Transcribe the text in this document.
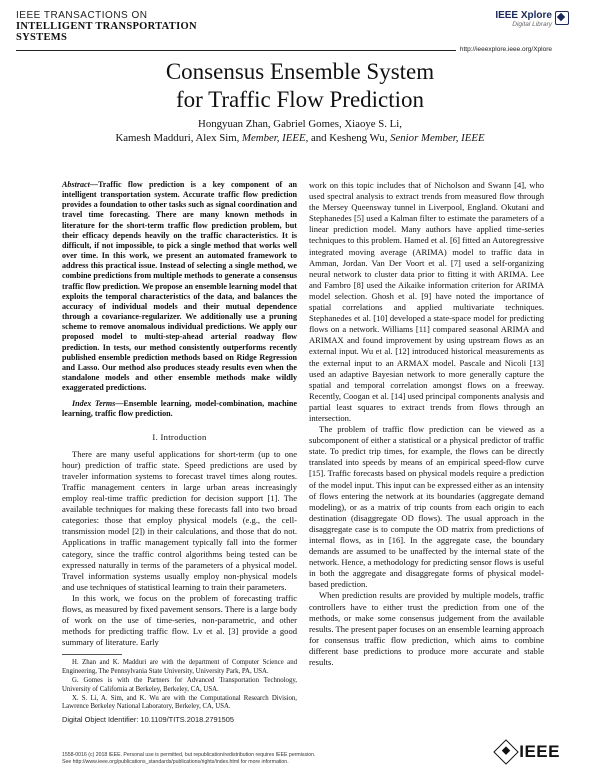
IEEE TRANSACTIONS ON
INTELLIGENT TRANSPORTATION
SYSTEMS
IEEE Xplore
Digital Library
http://ieeexplore.ieee.org/Xplore
Consensus Ensemble System
for Traffic Flow Prediction
Hongyuan Zhan, Gabriel Gomes, Xiaoye S. Li,
Kamesh Madduri, Alex Sim, Member, IEEE, and Kesheng Wu, Senior Member, IEEE

Abstract—Traffic flow prediction is a key component of an intelligent transportation system. Accurate traffic flow prediction provides a foundation to other tasks such as signal coordination and travel time forecasting. There are many known methods in literature for the short-term traffic flow prediction problem, but their efficacy depends heavily on the traffic characteristics. It is difficult, if not impossible, to pick a single method that works well over time. In this work, we present an automated framework to address this practical issue. Instead of selecting a single method, we combine predictions from multiple methods to generate a consensus traffic flow prediction. We propose an ensemble learning model that exploits the temporal characteristics of the data, and balances the accuracy of individual models and their mutual dependence through a covariance-regularizer. We additionally use a pruning scheme to remove anomalous individual predictions. We apply our proposed model to multi-step-ahead arterial roadway flow prediction. In tests, our method consistently outperforms recently published ensemble prediction methods based on Ridge Regression and Lasso. Our method also produces steady results even when the standalone models and other ensemble methods make wildly exaggerated predictions.

Index Terms—Ensemble learning, model-combination, machine learning, traffic flow prediction.

I. Introduction

There are many useful applications for short-term (up to one hour) prediction of traffic state. Speed predictions are used by traveler information systems to forecast travel times along routes. Traffic management centers in large urban areas increasingly employ real-time traffic prediction for decision support [1]. The available techniques for making these forecasts fall into two broad categories: those that employ physical models (e.g., the cell-transmission model [2]) in their calculations, and those that do not. Applications in traffic management typically fall into the former category, since the traffic control algorithms being tested can be expressed naturally in terms of the parameters of a physical model. Travel information systems usually employ non-physical models and use techniques of statistical learning to train their parameters.

In this work, we focus on the problem of forecasting traffic flows, as measured by fixed pavement sensors. There is a large body of work on the use of time-series, non-parametric, and other methods for predicting traffic flow. Lv et al. [3] provide a good summary of literature. Early

H. Zhan and K. Madduri are with the department of Computer Science and Engineering, The Pennsylvania State University, University Park, PA, USA.

G. Gomes is with the Partners for Advanced Transportation Technology, University of California at Berkeley, Berkeley, CA, USA.

X. S. Li, A. Sim, and K. Wu are with the Computational Research Division, Lawrence Berkeley National Laboratory, Berkeley, CA, USA.

Digital Object Identifier: 10.1109/TITS.2018.2791505

work on this topic includes that of Nicholson and Swann [4], who used spectral analysis to extract trends from measured flow through the Mersey Queensway tunnel in Liverpool, England. Okutani and Stephanedes [5] used a Kalman filter to estimate the parameters of a linear prediction model. Many authors have applied time-series techniques to this problem. Hamed et al. [6] fitted an Autoregressive integrated moving average (ARIMA) model to traffic data in Amman, Jordan. Van Der Voort et al. [7] used a self-organizing neural network to cluster data prior to fitting it with ARIMA. Lee and Fambro [8] used the Aikaike information criterion for ARIMA model selection. Ghosh et al. [9] have noted the importance of spatial correlations and applied multivariate techniques. Stephanedes et al. [10] developed a state-space model for predicting flows on a network. Williams [11] compared seasonal ARIMA and ARIMAX and found improvement by using upstream flows as an external input. Wu et al. [12] introduced historical measurements as the external input to an ARMAX model. Pascale and Nicoli [13] used an adaptive Bayesian network to more generally capture the spatial and temporal correlation amongst flows on a freeway. Recently, Coogan et al. [14] used principal components analysis and partial least squares to extract trends from flows through an intersection.

The problem of traffic flow prediction can be viewed as a subcomponent of either a statistical or a physical predictor of traffic state. To predict trip times, for example, the flows can be directly translated into speeds by means of an empirical speed-flow curve [15]. Traffic forecasts based on physical models require a prediction of the model input. This input can be expressed either as an intensity of flows entering the network at its boundaries (aggregate demand modeling), or as a matrix of trip counts from each origin to each destination (disaggregate OD flows). The usual approach in the disaggregate case is to compute the OD matrix from predictions of internal flows, as in [16]. In the aggregate case, the boundary demands are assumed to be unaffected by the internal state of the network. Hence, a methodology for predicting sensor flows is useful in both the aggregate and disaggregate forms of physical model-based prediction.

When prediction results are provided by multiple models, traffic controllers have to either trust the prediction from one of the methods, or make some consensus judgement from the available results. The present paper focuses on an ensemble learning approach for consensus traffic flow prediction, which aims to combine different base predictions to produce more accurate and stable results.

1558-0016 (c) 2018 IEEE. Personal use is permitted, but republication/redistribution requires IEEE permission.
See http://www.ieee.org/publications_standards/publications/rights/index.html for more information.
IEEE
